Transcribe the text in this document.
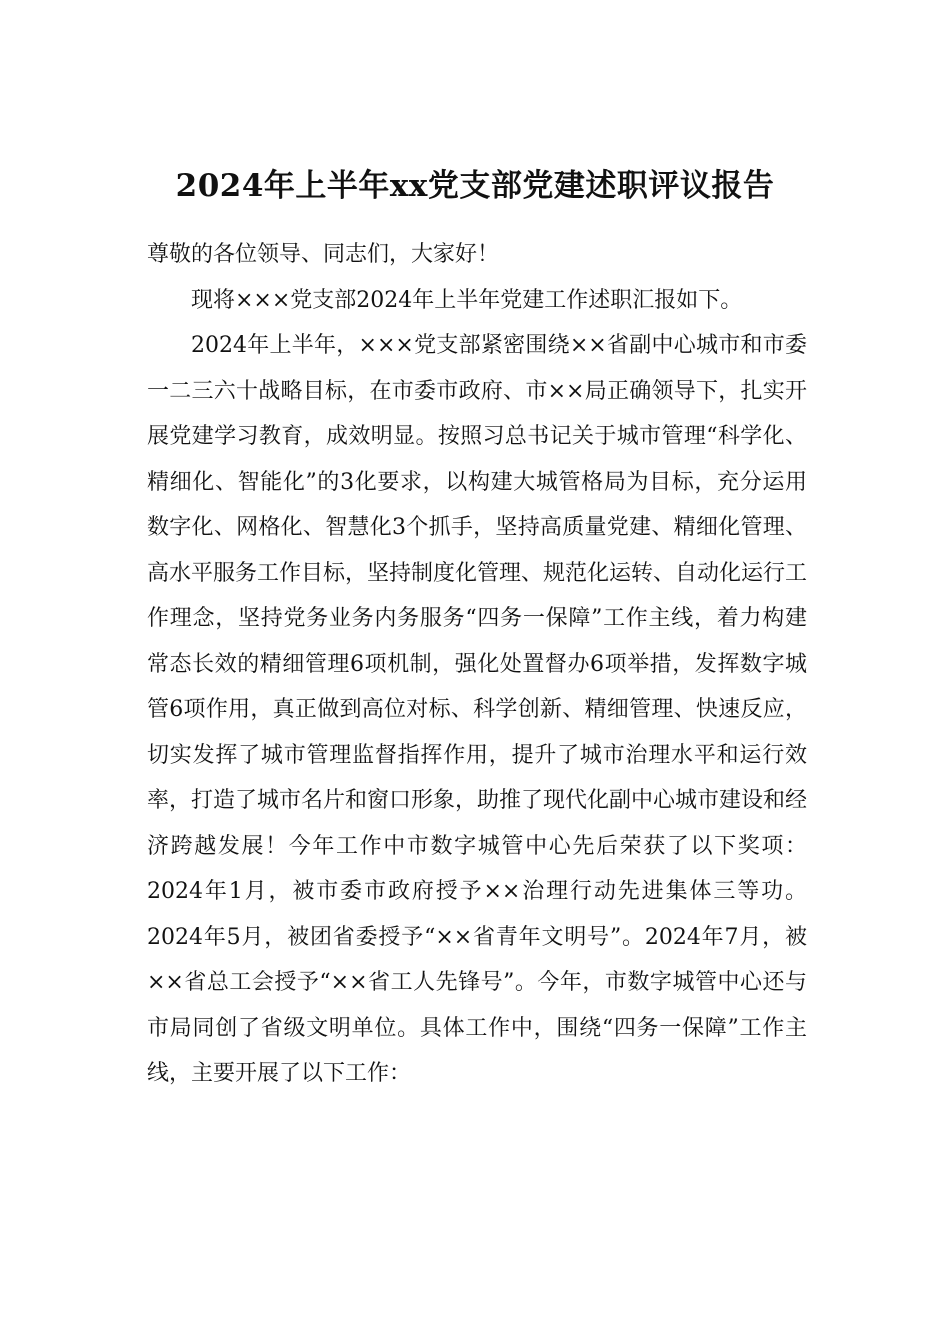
2024年上半年xx党支部党建述职评议报告

尊敬的各位领导、同志们，大家好！

现将×××党支部2024年上半年党建工作述职汇报如下。

2024年上半年，×××党支部紧密围绕××省副中心城市和市委一二三六十战略目标，在市委市政府、市××局正确领导下，扎实开展党建学习教育，成效明显。按照习总书记关于城市管理“科学化、精细化、智能化”的3化要求，以构建大城管格局为目标，充分运用数字化、网格化、智慧化3个抓手，坚持高质量党建、精细化管理、高水平服务工作目标，坚持制度化管理、规范化运转、自动化运行工作理念，坚持党务业务内务服务“四务一保障”工作主线，着力构建常态长效的精细管理6项机制，强化处置督办6项举措，发挥数字城管6项作用，真正做到高位对标、科学创新、精细管理、快速反应，切实发挥了城市管理监督指挥作用，提升了城市治理水平和运行效率，打造了城市名片和窗口形象，助推了现代化副中心城市建设和经济跨越发展！今年工作中市数字城管中心先后荣获了以下奖项：2024年1月，被市委市政府授予××治理行动先进集体三等功。2024年5月，被团省委授予“××省青年文明号”。2024年7月，被××省总工会授予“××省工人先锋号”。今年，市数字城管中心还与市局同创了省级文明单位。具体工作中，围绕“四务一保障”工作主线，主要开展了以下工作：
